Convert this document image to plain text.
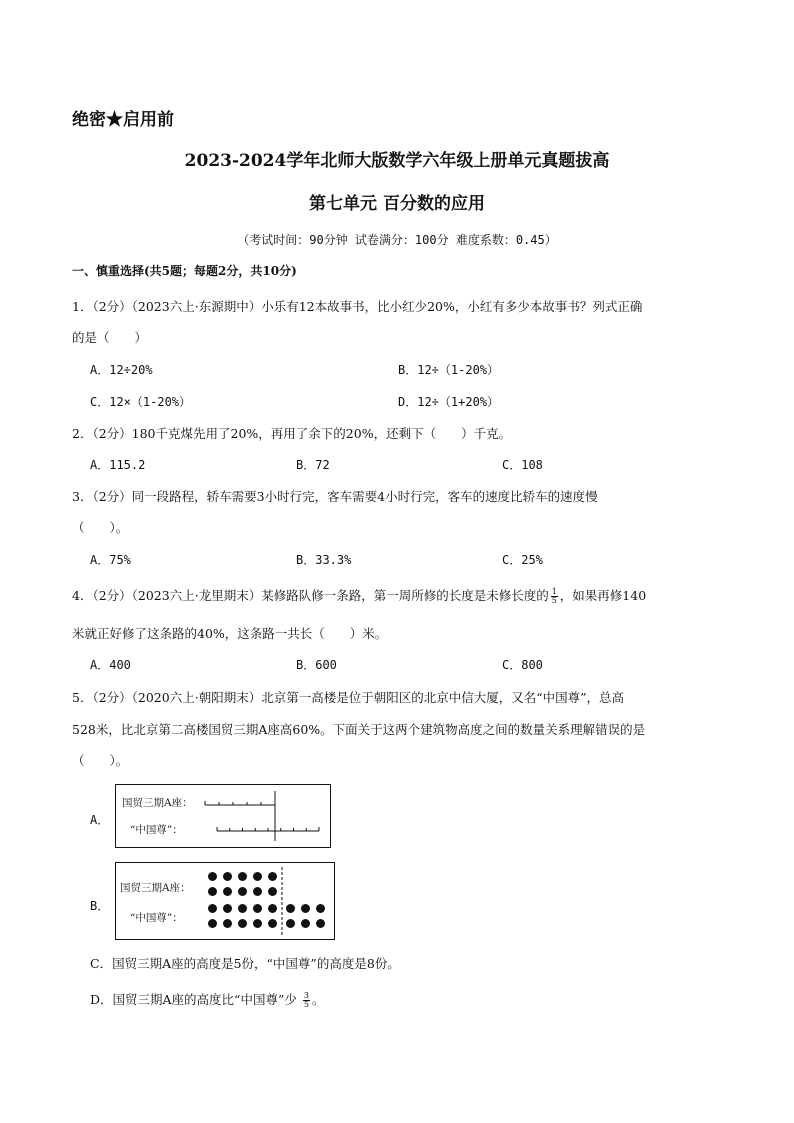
绝密★启用前
2023-2024学年北师大版数学六年级上册单元真题拔高
第七单元 百分数的应用
（考试时间：90分钟 试卷满分：100分 难度系数：0.45）
一、慎重选择(共5题；每题2分，共10分)
1．（2分）（2023六上·东源期中）小乐有12本故事书，比小红少20%，小红有多少本故事书？列式正确
的是（　　）
A．12÷20%	B．12÷（1-20%）
C．12×（1-20%）	D．12÷（1+20%）
2．（2分）180千克煤先用了20%，再用了余下的20%，还剩下（　　）千克。
A．115.2	B．72	C．108
3．（2分）同一段路程，轿车需要3小时行完，客车需要4小时行完，客车的速度比轿车的速度慢
（　　）。
A．75%	B．33.3%	C．25%
4．（2分）（2023六上·龙里期末）某修路队修一条路，第一周所修的长度是未修长度的 $\frac{1}{5}$ ，如果再修140
米就正好修了这条路的40%，这条路一共长（　　）米。
A．400	B．600	C．800
5．（2分）（2020六上·朝阳期末）北京第一高楼是位于朝阳区的北京中信大厦，又名“中国尊”，总高
528米，比北京第二高楼国贸三期A座高60%。下面关于这两个建筑物高度之间的数量关系理解错误的是
（　　）。
A．
国贸三期A座：
“中国尊”：
B．
国贸三期A座：
“中国尊”：
C．国贸三期A座的高度是5份，“中国尊”的高度是8份。
D．国贸三期A座的高度比“中国尊”少 $\frac{3}{5}$ 。
